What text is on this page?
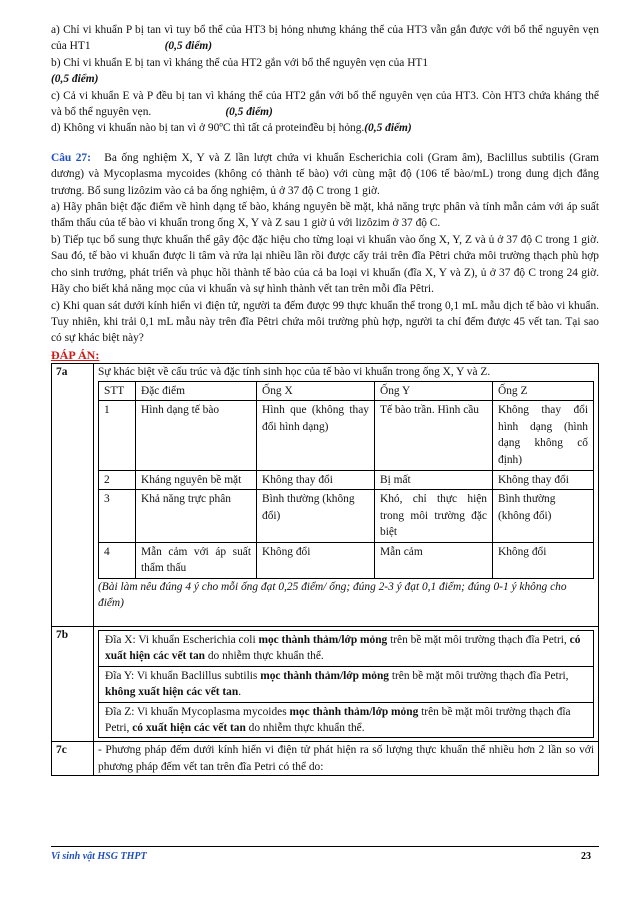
a) Chỉ vi khuẩn P bị tan vì tuy bổ thể của HT3 bị hỏng nhưng kháng thể của HT3 vẫn gắn được với bổ thể nguyên vẹn của HT1	(0,5 điểm)

b) Chỉ vi khuẩn E bị tan vì kháng thể của HT2 gắn với bổ thể nguyên vẹn của HT1

(0,5 điểm)

c) Cả vi khuẩn E và P đều bị tan vì kháng thể của HT2 gắn với bổ thể nguyên vẹn của HT3. Còn HT3 chứa kháng thể và bổ thể nguyên vẹn.	(0,5 điểm)

d) Không vi khuẩn nào bị tan vì ở 90ºC thì tất cả proteinđều bị hỏng.(0,5 điểm)

Câu 27: Ba ống nghiệm X, Y và Z lần lượt chứa vi khuẩn Escherichia coli (Gram âm), Baclillus subtilis (Gram dương) và Mycoplasma mycoides (không có thành tế bào) với cùng mật độ (106 tế bào/mL) trong dung dịch đẳng trương. Bổ sung lizôzim vào cả ba ống nghiệm, ủ ở 37 độ C trong 1 giờ.

a) Hãy phân biệt đặc điểm về hình dạng tế bào, kháng nguyên bề mặt, khả năng trực phân và tính mẫn cảm với áp suất thẩm thấu của tế bào vi khuẩn trong ống X, Y và Z sau 1 giờ ủ với lizôzim ở 37 độ C.

b) Tiếp tục bổ sung thực khuẩn thể gây độc đặc hiệu cho từng loại vi khuẩn vào ống X, Y, Z và ủ ở 37 độ C trong 1 giờ. Sau đó, tế bào vi khuẩn được li tâm và rửa lại nhiều lần rồi được cấy trải trên đĩa Pêtri chứa môi trường thạch phù hợp cho sinh trưởng, phát triển và phục hồi thành tế bào của cả ba loại vi khuẩn (đĩa X, Y và Z), ủ ở 37 độ C trong 24 giờ. Hãy cho biết khả năng mọc của vi khuẩn và sự hình thành vết tan trên mỗi đĩa Pêtri.

c) Khi quan sát dưới kính hiển vi điện tử, người ta đếm được 99 thực khuẩn thể trong 0,1 mL mẫu dịch tế bào vi khuẩn. Tuy nhiên, khi trải 0,1 mL mẫu này trên đĩa Pêtri chứa môi trường phù hợp, người ta chỉ đếm được 45 vết tan. Tại sao có sự khác biệt này?

ĐÁP ÁN:
7a	Sự khác biệt về cấu trúc và đặc tính sinh học của tế bào vi khuẩn trong ống X, Y và Z.
STT	Đặc điểm	Ống X	Ống Y	Ống Z
1	Hình dạng tế bào	Hình que (không thay đổi hình dạng)	Tế bào trần. Hình cầu	Không thay đổi hình dạng (hình dạng không cố định)
2	Kháng nguyên bề mặt	Không thay đổi	Bị mất	Không thay đổi
3	Khả năng trực phân	Bình thường (không đổi)	Khó, chỉ thực hiện trong môi trường đặc biệt	Bình thường (không đổi)
4	Mẫn cảm với áp suất thẩm thấu	Không đổi	Mẫn cảm	Không đổi
(Bài làm nêu đúng 4 ý cho mỗi ống đạt 0,25 điểm/ ống; đúng 2-3 ý đạt 0,1 điểm; đúng 0-1 ý không cho điểm)

7b		Đĩa X: Vi khuẩn Escherichia coli mọc thành thảm/lớp mỏng trên bề mặt môi trường thạch đĩa Petri, có xuất hiện các vết tan do nhiễm thực khuẩn thể.
Đĩa Y: Vi khuẩn Baclillus subtilis mọc thành thảm/lớp mỏng trên bề mặt môi trường thạch đĩa Petri, không xuất hiện các vết tan.
Đĩa Z: Vi khuẩn Mycoplasma mycoides mọc thành thảm/lớp mỏng trên bề mặt môi trường thạch đĩa Petri, có xuất hiện các vết tan do nhiễm thực khuẩn thể.

7c	- Phương pháp đếm dưới kính hiển vi điện tử phát hiện ra số lượng thực khuẩn thể nhiều hơn 2 lần so với phương pháp đếm vết tan trên đĩa Petri có thể do:
Vi sinh vật HSG THPT	23
